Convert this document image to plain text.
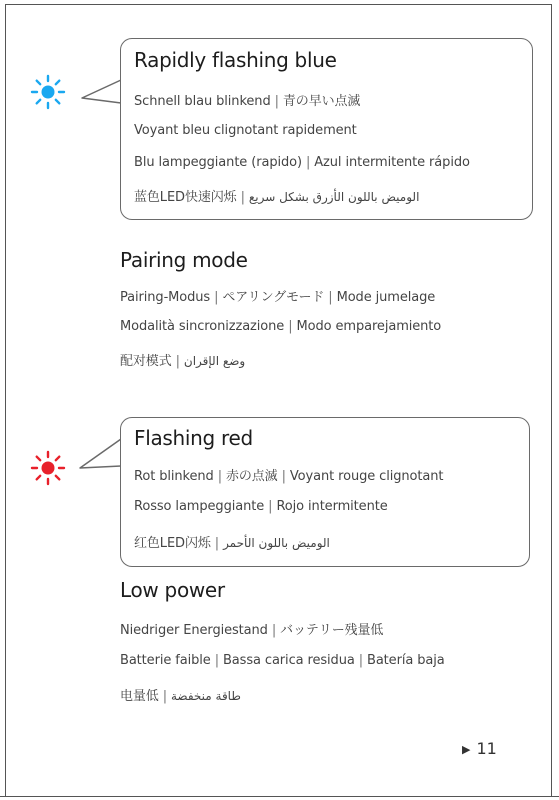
Rapidly flashing blue
Schnell blau blinkend | 青の早い点滅
Voyant bleu clignotant rapidement
Blu lampeggiante (rapido) | Azul intermitente rápido
蓝色LED快速闪烁 | الوميض باللون الأزرق بشكل سريع
Pairing mode
Pairing-Modus | ペアリングモード | Mode jumelage
Modalità sincronizzazione | Modo emparejamiento
配对模式 | وضع الإقران
Flashing red
Rot blinkend | 赤の点滅 | Voyant rouge clignotant
Rosso lampeggiante | Rojo intermitente
红色LED闪烁 | الوميض باللون الأحمر
Low power
Niedriger Energiestand | バッテリー残量低
Batterie faible | Bassa carica residua | Batería baja
电量低 | طاقة منخفضة
▶ 11
